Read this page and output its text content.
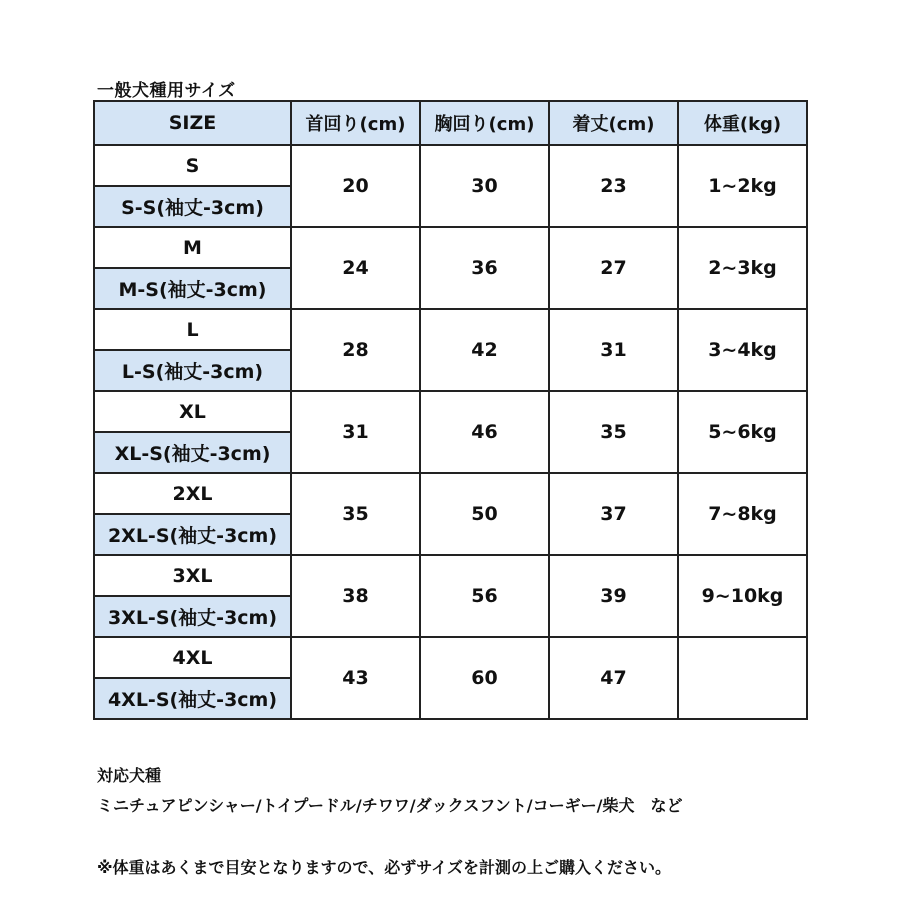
一般犬種用サイズ
SIZE	首回り(cm)	胸回り(cm)	着丈(cm)	体重(kg)
S	20	30	23	1~2kg
S-S(袖丈-3cm)				
M	24	36	27	2~3kg
M-S(袖丈-3cm)				
L	28	42	31	3~4kg
L-S(袖丈-3cm)				
XL	31	46	35	5~6kg
XL-S(袖丈-3cm)				
2XL	35	50	37	7~8kg
2XL-S(袖丈-3cm)				
3XL	38	56	39	9~10kg
3XL-S(袖丈-3cm)				
4XL	43	60	47	
4XL-S(袖丈-3cm)				
対応犬種
ミニチュアピンシャー/トイプードル/チワワ/ダックスフント/コーギー/柴犬　など
※体重はあくまで目安となりますので、必ずサイズを計測の上ご購入ください。
